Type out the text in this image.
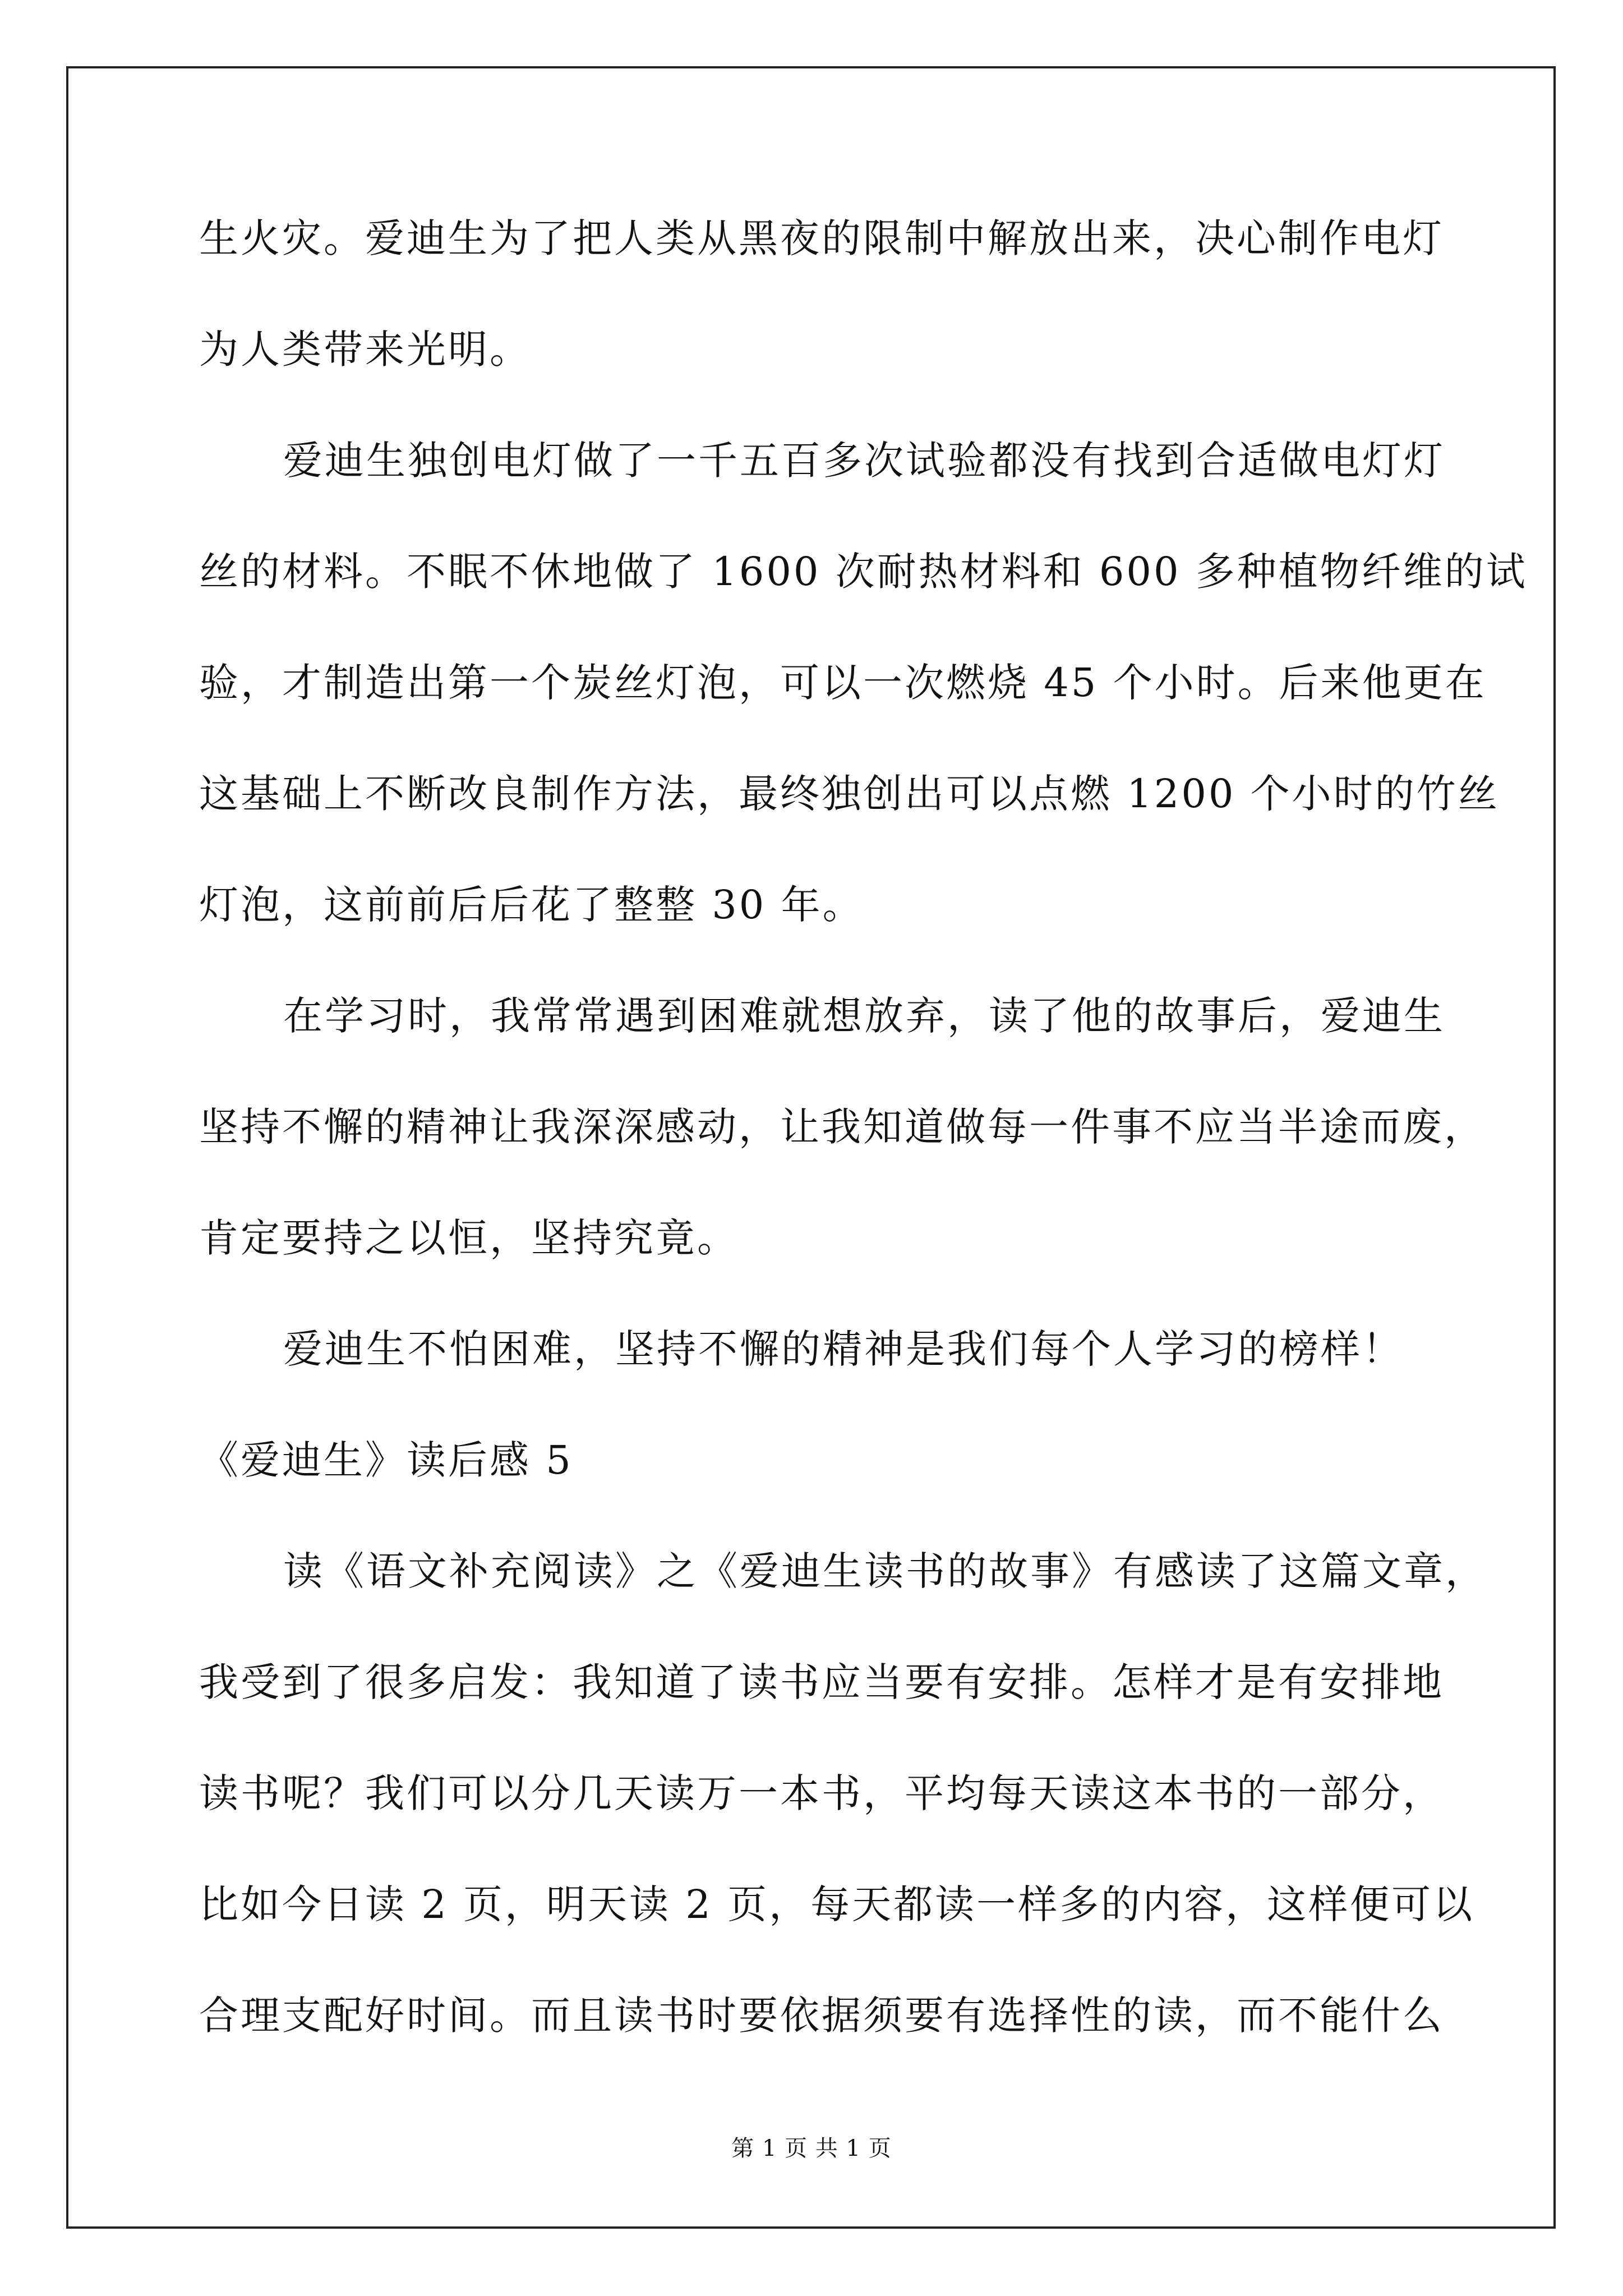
生火灾。爱迪生为了把人类从黑夜的限制中解放出来，决心制作电灯
为人类带来光明。
爱迪生独创电灯做了一千五百多次试验都没有找到合适做电灯灯
丝的材料。不眠不休地做了 1600 次耐热材料和 600 多种植物纤维的试
验，才制造出第一个炭丝灯泡，可以一次燃烧 45 个小时。后来他更在
这基础上不断改良制作方法，最终独创出可以点燃 1200 个小时的竹丝
灯泡，这前前后后花了整整 30 年。
在学习时，我常常遇到困难就想放弃，读了他的故事后，爱迪生
坚持不懈的精神让我深深感动，让我知道做每一件事不应当半途而废，
肯定要持之以恒，坚持究竟。
爱迪生不怕困难，坚持不懈的精神是我们每个人学习的榜样！
《爱迪生》读后感 5
读《语文补充阅读》之《爱迪生读书的故事》有感读了这篇文章，
我受到了很多启发：我知道了读书应当要有安排。怎样才是有安排地
读书呢？我们可以分几天读万一本书，平均每天读这本书的一部分，
比如今日读 2 页，明天读 2 页，每天都读一样多的内容，这样便可以
合理支配好时间。而且读书时要依据须要有选择性的读，而不能什么
第 1 页 共 1 页
